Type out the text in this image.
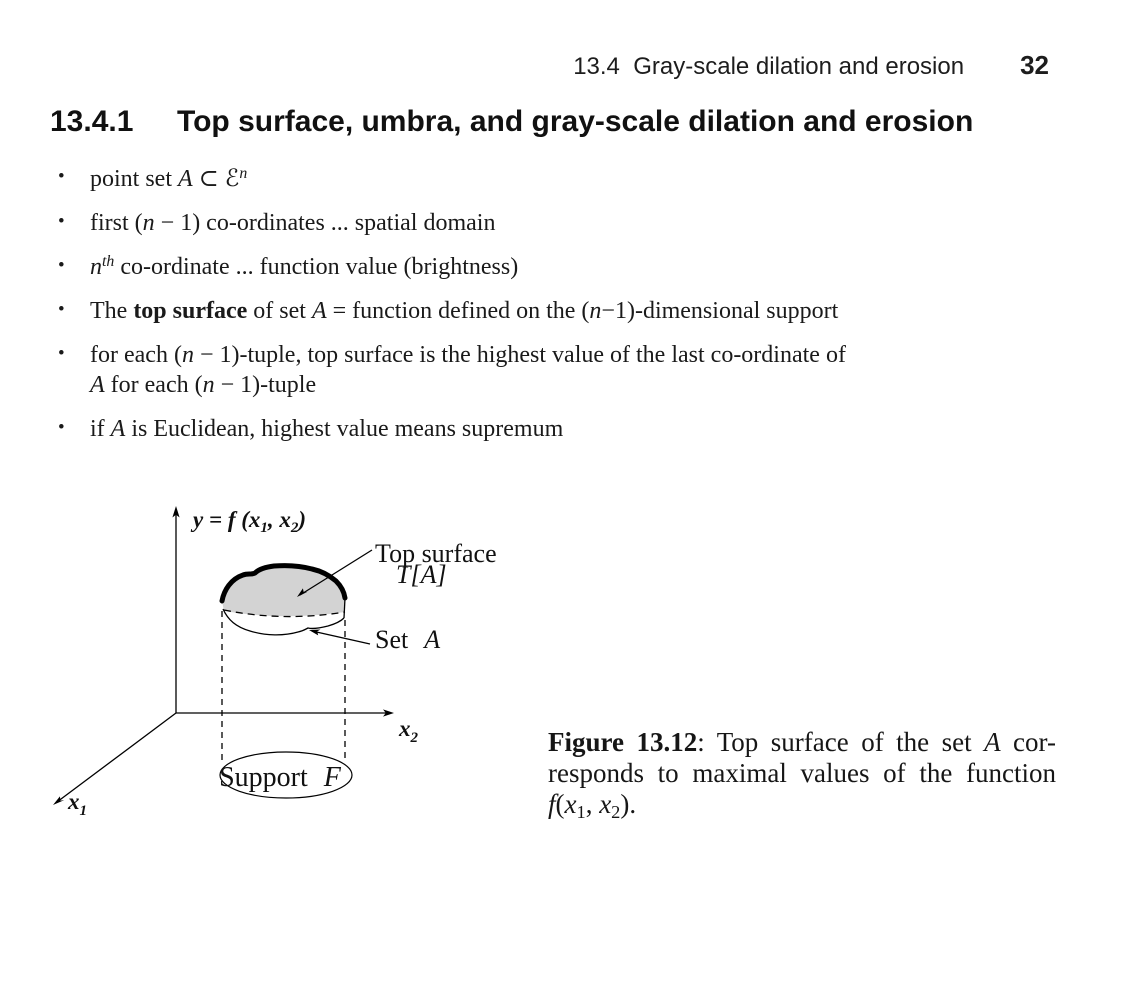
13.4  Gray-scale dilation and erosion 32
13.4.1	Top surface, umbra, and gray-scale dilation and erosion
• point set A ⊂ ℰ$^n$
• first (n − 1) co-ordinates ... spatial domain
• $n^{th}$ co-ordinate ... function value (brightness)
• The top surface of set A = function defined on the (n−1)-dimensional support
• for each (n − 1)-tuple, top surface is the highest value of the last co-ordinate of
A for each (n − 1)-tuple
• if A is Euclidean, highest value means supremum
y = f ($x_1$, $x_2$)
Top surface
T[A]
Set A
Support F
$x_2$
$x_1$
Figure 13.12: Top surface of the set A cor-
responds to maximal values of the function
f(x1, x2).
